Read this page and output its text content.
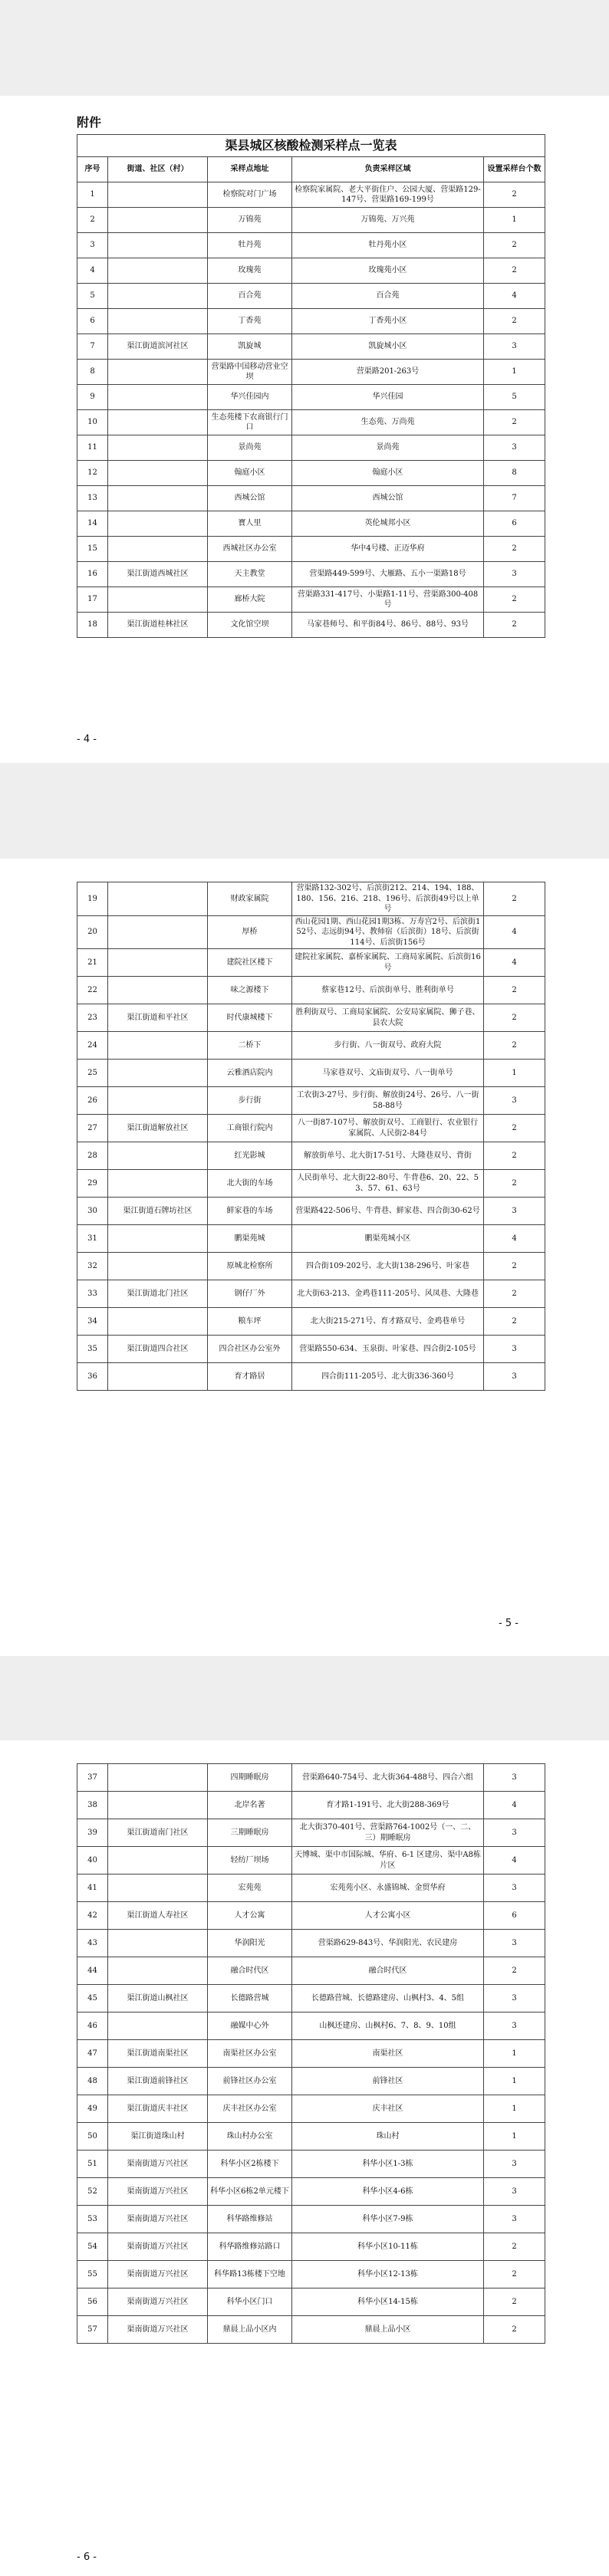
附件
渠县城区核酸检测采样点一览表				
序号	街道、社区（村）	采样点地址	负责采样区域	设置采样台个数
1		检察院对门广场	检察院家属院、老大平街住户、公园大厦、营渠路129-147号、营渠路169-199号	2
2		万锦苑	万锦苑、万兴苑	1
3		牡丹苑	牡丹苑小区	2
4		玫瑰苑	玫瑰苑小区	2
5		百合苑	百合苑	4
6		丁香苑	丁香苑小区	2
7	渠江街道滨河社区	凯旋城	凯旋城小区	3
8		营渠路中国移动营业空坝	营渠路201-263号	1
9		华兴佳园内	华兴佳园	5
10		生态苑楼下农商银行门口	生态苑、万尚苑	2
11		景尚苑	景尚苑	3
12		翰庭小区	翰庭小区	8
13		西城公馆	西城公馆	7
14		寳人里	英伦城邦小区	6
15		西城社区办公室	华中4号楼、正迈华府	2
16	渠江街道西城社区	天主教堂	营渠路449-599号、大雁路、五小一渠路18号	3
17		廊桥大院	营渠路331-417号、小渠路1-11号、营渠路300-408号	2
18	渠江街道桂林社区	文化馆空坝	马家巷师号、和平街84号、86号、88号、93号	2
- 4 -
19		财政家属院	营渠路132-302号、后滨街212、214、194、188、180、156、216、218、196号、后滨街49号以上单号	2
20		厚桥	西山花园1期、西山花园1期3栋、万寿宫2号、后滨街152号、志远街94号、教师宿（后滨街）18号、后滨街114号、后滨街156号	4
21		建院社区楼下	建院社家属院、嘉桥家属院、工商局家属院、后滨街16号	4
22		味之源楼下	蔡家巷12号、后滨街单号、胜利街单号	2
23	渠江街道和平社区	时代康城楼下	胜利街双号、工商局家属院、公安局家属院、狮子巷、县农大院	2
24		二桥下	步行街、八一街双号、政府大院	2
25		云雅酒店院内	马家巷双号、文庙街双号、八一街单号	1
26		步行街	工农街3-27号、步行街、解放街24号、26号、八一街58-88号	3
27	渠江街道解放社区	工商银行院内	八一街87-107号、解放街双号、工商银行、农业银行家属院、人民街2-84号	2
28		红光影城	解放街单号、北大街17-51号、大隆巷双号、背街	2
29		北大街的车场	人民街单号、北大街22-80号、牛背巷6、20、22、53、57、61、63号	2
30	渠江街道石牌坊社区	鲜家巷的车场	营渠路422-506号、牛背巷、鲜家巷、四合街30-62号	3
31		鹏渠苑城	鹏渠苑城小区	4
32		原城北检察所	四合街109-202号、北大街138-296号、叶家巷	2
33	渠江街道北门社区	钢仔厂外	北大街63-213、金鸡巷111-205号、风凤巷、大隆巷	2
34		粮车坪	北大街215-271号、育才路双号、金鸡巷单号	2
35	渠江街道四合社区	四合社区办公室外	营渠路550-634、玉泉街、叶家巷、四合街2-105号	3
36		育才路居	四合街111-205号、北大街336-360号	3
- 5 -
37		四期睡眠房	营渠路640-754号、北大街364-488号、四合六组	3
38		北岸名著	育才路1-191号、北大街288-369号	4
39	渠江街道南门社区	三期睡眠房	北大街370-401号、营渠路764-1002号（一、二、三）期睡眠房	3
40		轻纺厂坝场	天博城、渠中市国际城、华府、6-1 区建房、渠中A8栋片区	4
41		宏苑苑	宏苑苑小区、永盛锦城、金贸华府	3
42	渠江街道人寿社区	人才公寓	人才公寓小区	6
43		华润阳光	营渠路629-843号、华润阳光、农民建房	3
44		融合时代区	融合时代区	2
45	渠江街道山枫社区	长德路营城	长德路营城、长德路建房、山枫村3、4、5组	3
46		融媒中心外	山枫还建房、山枫村6、7、8、9、10组	3
47	渠江街道南渠社区	南渠社区办公室	南渠社区	1
48	渠江街道前锋社区	前锋社区办公室	前锋社区	1
49	渠江街道庆丰社区	庆丰社区办公室	庆丰社区	1
50	渠江街道珠山村	珠山村办公室	珠山村	1
51	渠南街道万兴社区	科华小区2栋楼下	科华小区1-3栋	3
52	渠南街道万兴社区	科华小区6栋2单元楼下	科华小区4-6栋	3
53	渠南街道万兴社区	科华路维修站	科华小区7-9栋	3
54	渠南街道万兴社区	科华路维修站路口	科华小区10-11栋	2
55	渠南街道万兴社区	科华路13栋楼下空地	科华小区12-13栋	2
56	渠南街道万兴社区	科华小区门口	科华小区14-15栋	2
57	渠南街道万兴社区	鼎晨上品小区内	鼎晨上品小区	2
- 6 -
